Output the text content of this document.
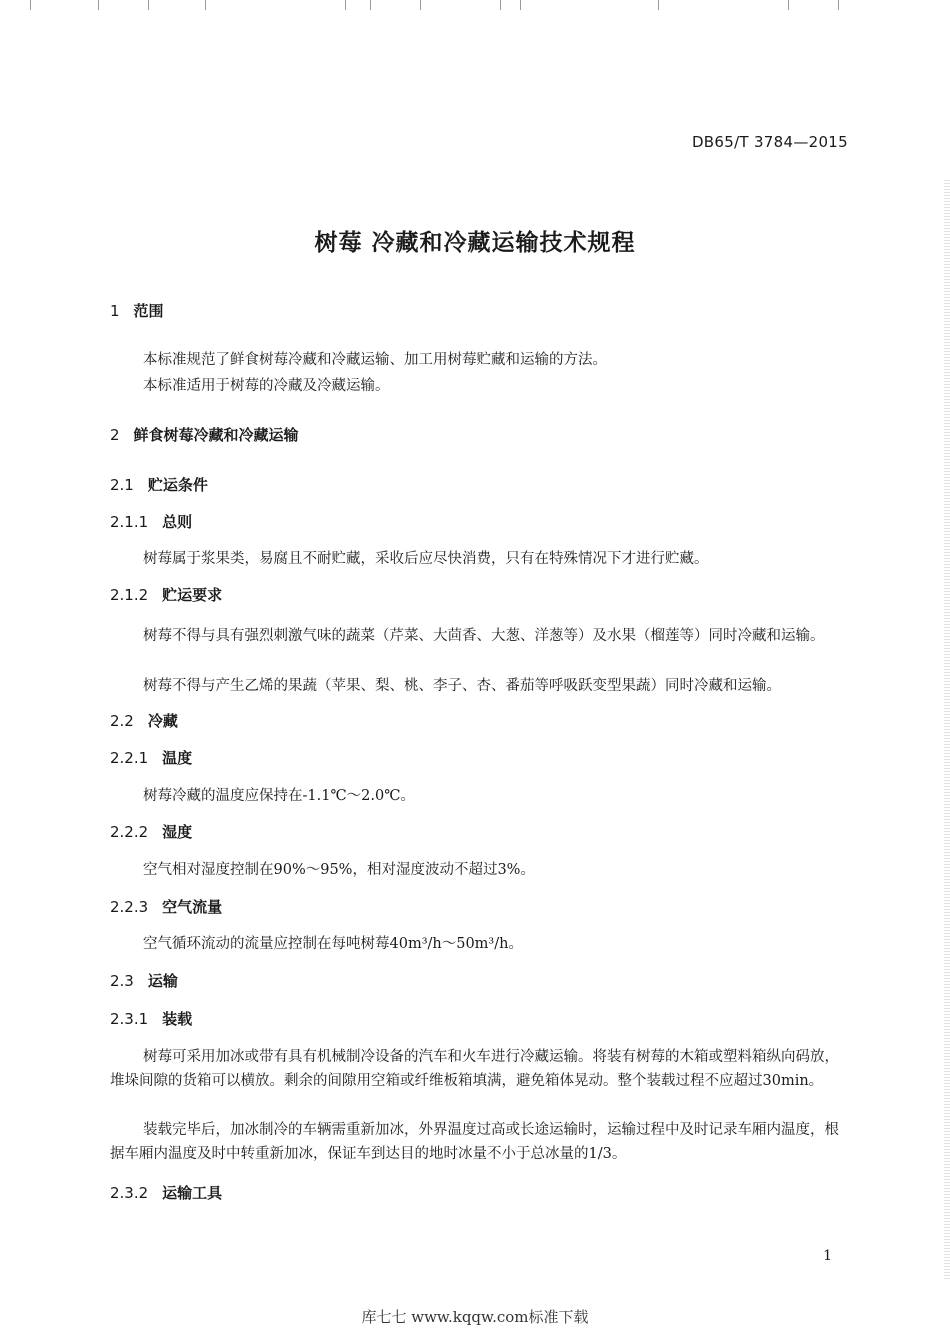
DB65/T 3784—2015
树莓 冷藏和冷藏运输技术规程
1 范围
本标准规范了鲜食树莓冷藏和冷藏运输、加工用树莓贮藏和运输的方法。
本标准适用于树莓的冷藏及冷藏运输。
2 鲜食树莓冷藏和冷藏运输
2.1 贮运条件
2.1.1 总则
树莓属于浆果类，易腐且不耐贮藏，采收后应尽快消费，只有在特殊情况下才进行贮藏。
2.1.2 贮运要求
树莓不得与具有强烈刺激气味的蔬菜（芹菜、大茴香、大葱、洋葱等）及水果（榴莲等）同时冷藏和运输。
树莓不得与产生乙烯的果蔬（苹果、梨、桃、李子、杏、番茄等呼吸跃变型果蔬）同时冷藏和运输。
2.2 冷藏
2.2.1 温度
树莓冷藏的温度应保持在-1.1℃～2.0℃。
2.2.2 湿度
空气相对湿度控制在90%～95%，相对湿度波动不超过3%。
2.2.3 空气流量
空气循环流动的流量应控制在每吨树莓40m³/h～50m³/h。
2.3 运输
2.3.1 装载
树莓可采用加冰或带有具有机械制冷设备的汽车和火车进行冷藏运输。将装有树莓的木箱或塑料箱纵向码放，堆垛间隙的货箱可以横放。剩余的间隙用空箱或纤维板箱填满，避免箱体晃动。整个装载过程不应超过30min。
装载完毕后，加冰制冷的车辆需重新加冰，外界温度过高或长途运输时，运输过程中及时记录车厢内温度，根据车厢内温度及时中转重新加冰，保证车到达目的地时冰量不小于总冰量的1/3。
2.3.2 运输工具
1
库七七 www.kqqw.com标准下载
